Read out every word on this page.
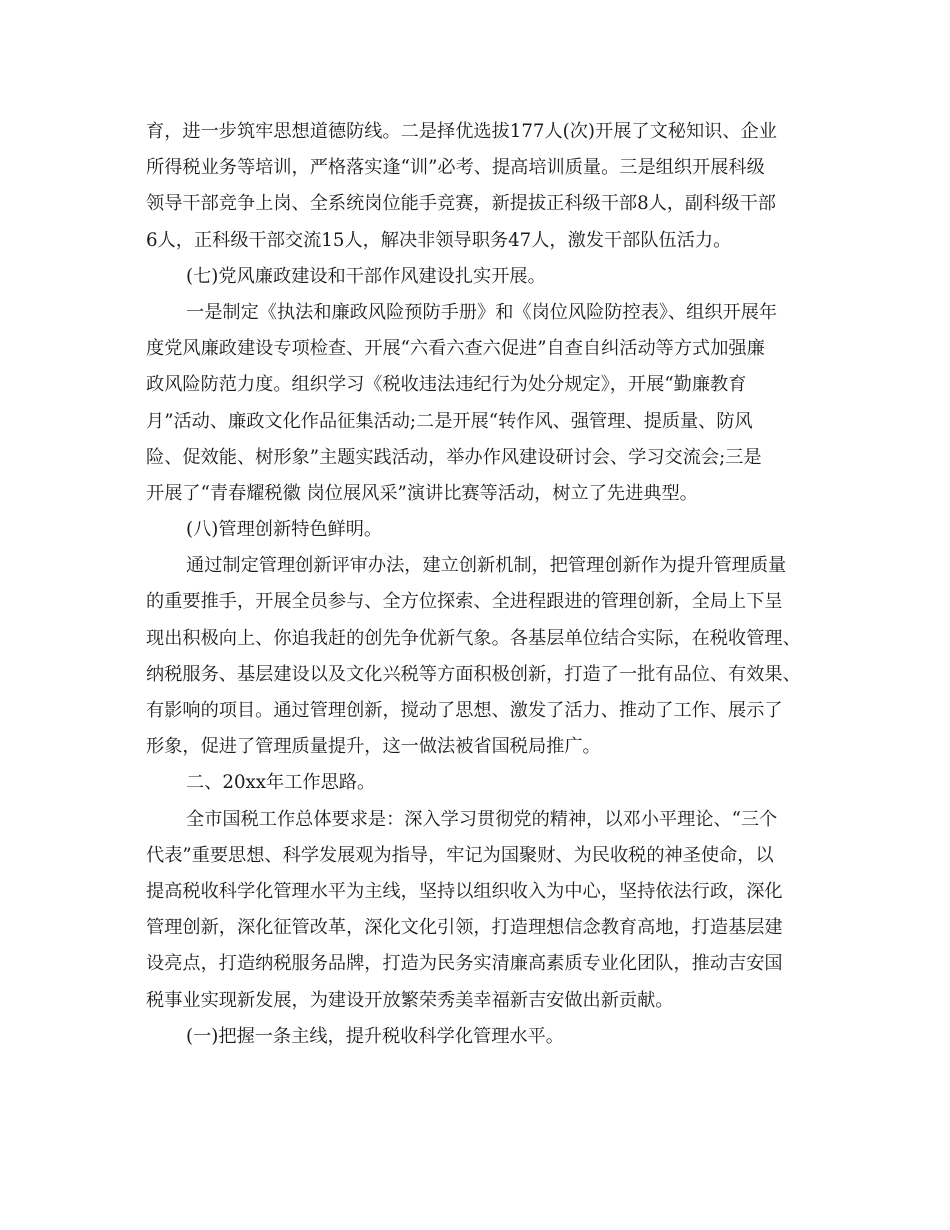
育，进一步筑牢思想道德防线。二是择优选拔177人(次)开展了文秘知识、企业
所得税业务等培训，严格落实逢“训”必考、提高培训质量。三是组织开展科级
领导干部竞争上岗、全系统岗位能手竞赛，新提拔正科级干部8人，副科级干部
6人，正科级干部交流15人，解决非领导职务47人，激发干部队伍活力。
(七)党风廉政建设和干部作风建设扎实开展。
一是制定《执法和廉政风险预防手册》和《岗位风险防控表》、组织开展年
度党风廉政建设专项检查、开展“六看六查六促进”自查自纠活动等方式加强廉
政风险防范力度。组织学习《税收违法违纪行为处分规定》，开展“勤廉教育
月”活动、廉政文化作品征集活动;二是开展“转作风、强管理、提质量、防风
险、促效能、树形象”主题实践活动，举办作风建设研讨会、学习交流会;三是
开展了“青春耀税徽 岗位展风采”演讲比赛等活动，树立了先进典型。
(八)管理创新特色鲜明。
通过制定管理创新评审办法，建立创新机制，把管理创新作为提升管理质量
的重要推手，开展全员参与、全方位探索、全进程跟进的管理创新，全局上下呈
现出积极向上、你追我赶的创先争优新气象。各基层单位结合实际，在税收管理、
纳税服务、基层建设以及文化兴税等方面积极创新，打造了一批有品位、有效果、
有影响的项目。通过管理创新，搅动了思想、激发了活力、推动了工作、展示了
形象，促进了管理质量提升，这一做法被省国税局推广。
二、20xx年工作思路。
全市国税工作总体要求是：深入学习贯彻党的精神，以邓小平理论、“三个
代表”重要思想、科学发展观为指导，牢记为国聚财、为民收税的神圣使命，以
提高税收科学化管理水平为主线，坚持以组织收入为中心，坚持依法行政，深化
管理创新，深化征管改革，深化文化引领，打造理想信念教育高地，打造基层建
设亮点，打造纳税服务品牌，打造为民务实清廉高素质专业化团队，推动吉安国
税事业实现新发展，为建设开放繁荣秀美幸福新吉安做出新贡献。
(一)把握一条主线，提升税收科学化管理水平。
